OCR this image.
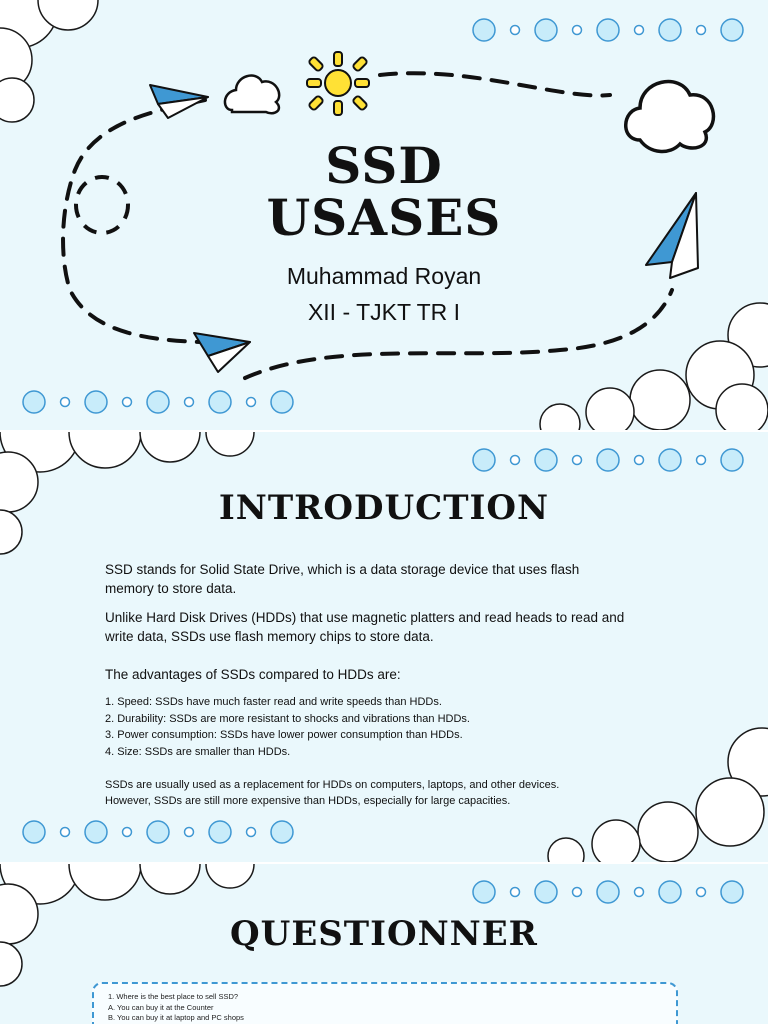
SSD
USASES
Muhammad Royan
XII - TJKT TR I
INTRODUCTION

SSD stands for Solid State Drive, which is a data storage device that uses flash memory to store data.

Unlike Hard Disk Drives (HDDs) that use magnetic platters and read heads to read and write data, SSDs use flash memory chips to store data.

The advantages of SSDs compared to HDDs are:

1. Speed: SSDs have much faster read and write speeds than HDDs.
2. Durability: SSDs are more resistant to shocks and vibrations than HDDs.
3. Power consumption: SSDs have lower power consumption than HDDs.
4. Size: SSDs are smaller than HDDs.

SSDs are usually used as a replacement for HDDs on computers, laptops, and other devices.

However, SSDs are still more expensive than HDDs, especially for large capacities.

QUESTIONNER
1. Where is the best place to sell SSD?
A. You can buy it at the Counter
B. You can buy it at laptop and PC shops
